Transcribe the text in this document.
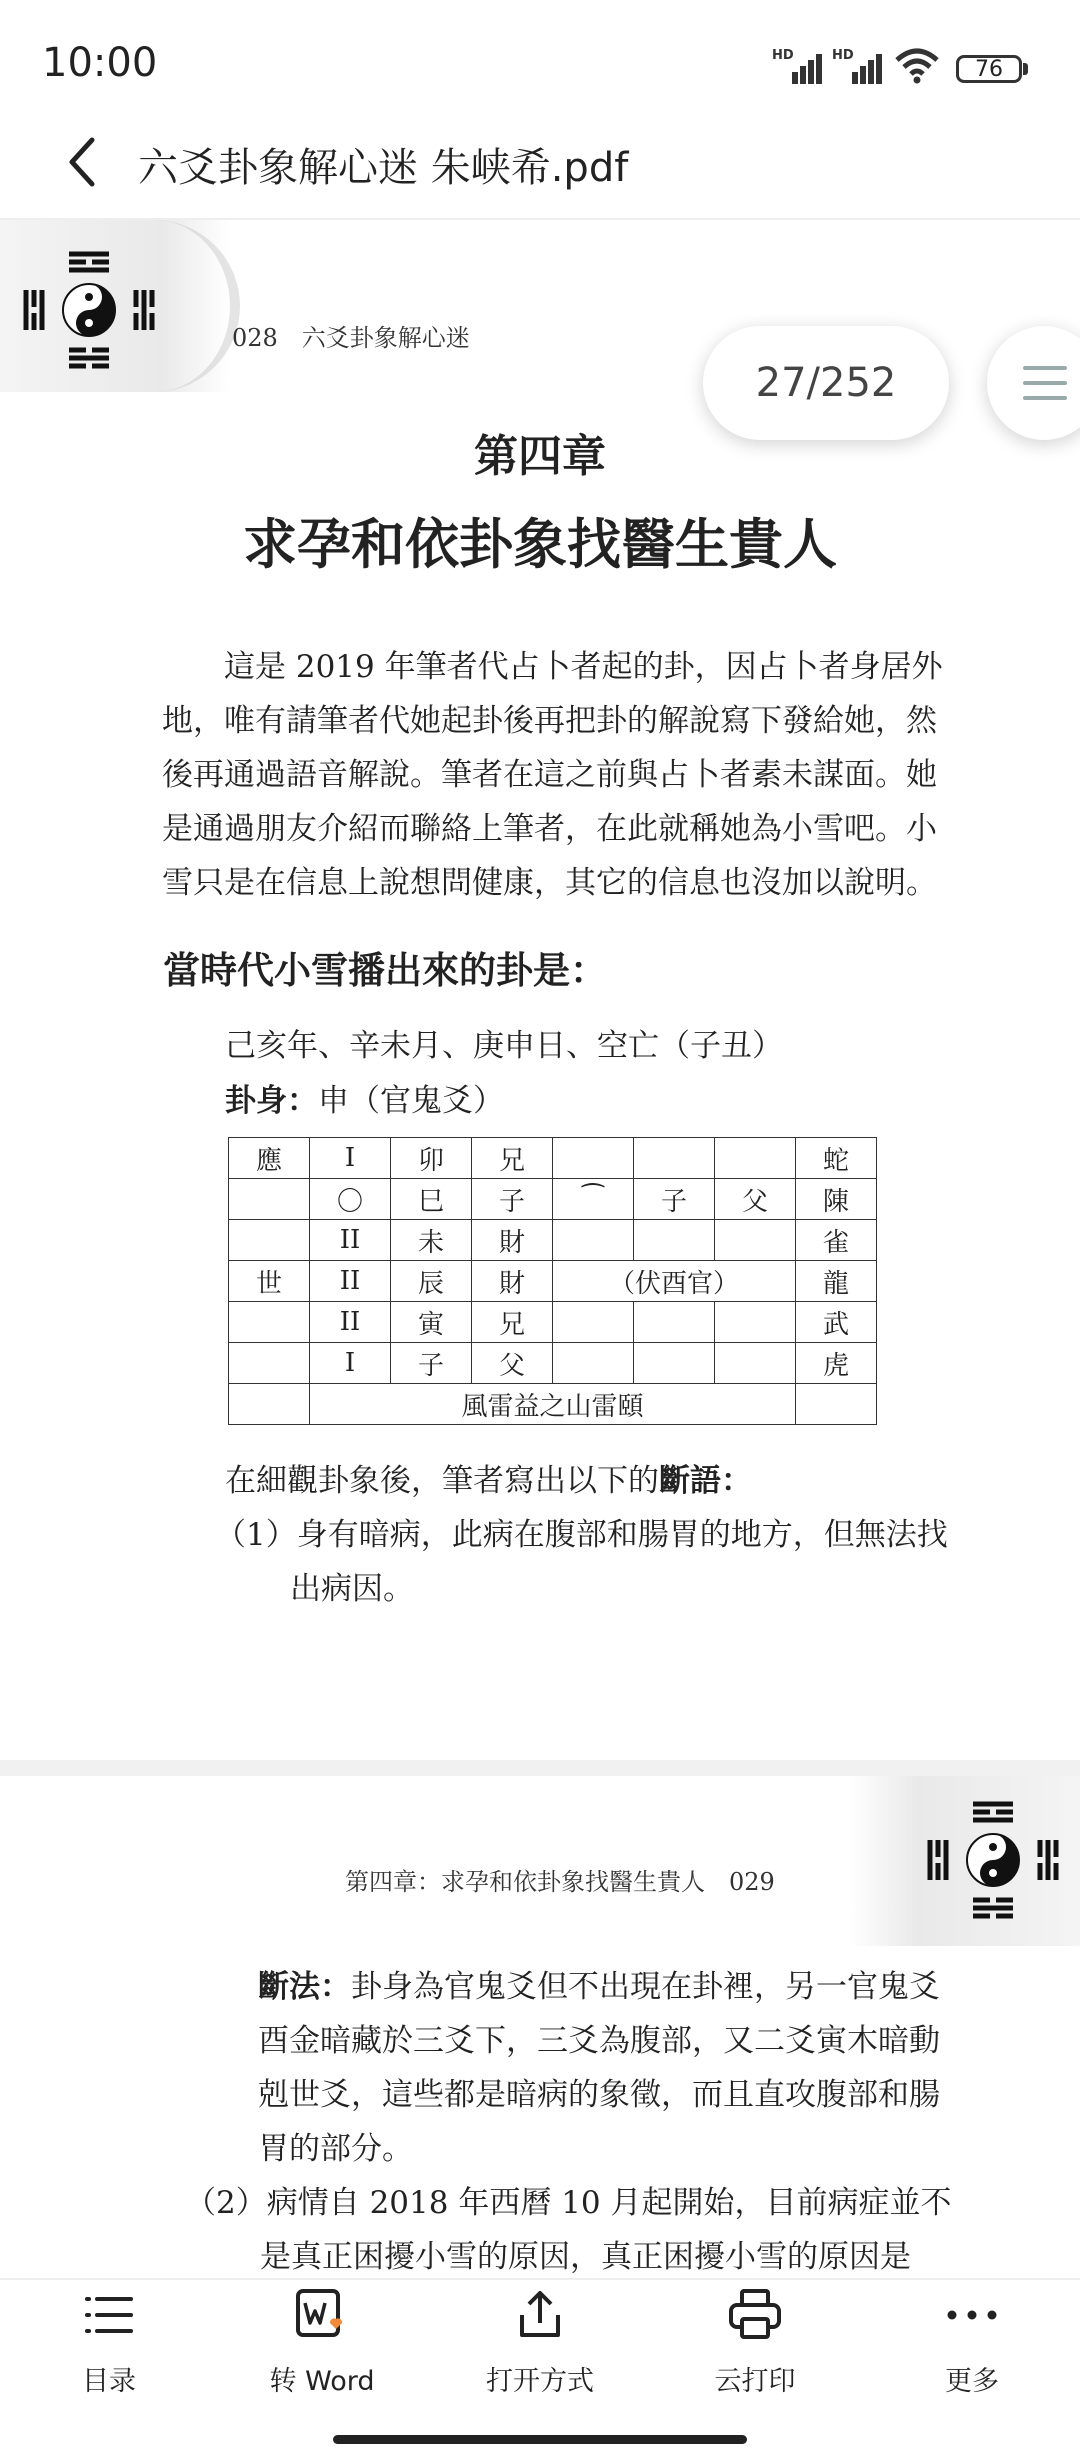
10:00	HD	HD
76
六爻卦象解心迷 朱峡希.pdf
028　六爻卦象解心迷
27/252
第四章
求孕和依卦象找醫生貴人
這是 2019 年筆者代占卜者起的卦，因占卜者身居外地，唯有請筆者代她起卦後再把卦的解說寫下發給她，然後再通過語音解說。筆者在這之前與占卜者素未謀面。她是通過朋友介紹而聯絡上筆者，在此就稱她為小雪吧。小雪只是在信息上說想問健康，其它的信息也沒加以說明。
當時代小雪播出來的卦是：
己亥年、辛未月、庚申日、空亡（子丑）
卦身：申（官鬼爻）
應	I	卯	兄				蛇
	〇	巳	子	⁀	子	父	陳
	II	未	財				雀
世	II	辰	財	（伏酉官）			龍
	II	寅	兄				武
	I	子	父				虎
	風雷益之山雷頤						
在細觀卦象後，筆者寫出以下的斷語：
（1）身有暗病，此病在腹部和腸胃的地方，但無法找
出病因。
第四章：求孕和依卦象找醫生貴人　029
斷法：卦身為官鬼爻但不出現在卦裡，另一官鬼爻酉金暗藏於三爻下，三爻為腹部，又二爻寅木暗動剋世爻，這些都是暗病的象徵，而且直攻腹部和腸胃的部分。
（2）病情自 2018 年西曆 10 月起開始，目前病症並不
是真正困擾小雪的原因，真正困擾小雪的原因是
目录	转 Word	打开方式	云打印	更多
